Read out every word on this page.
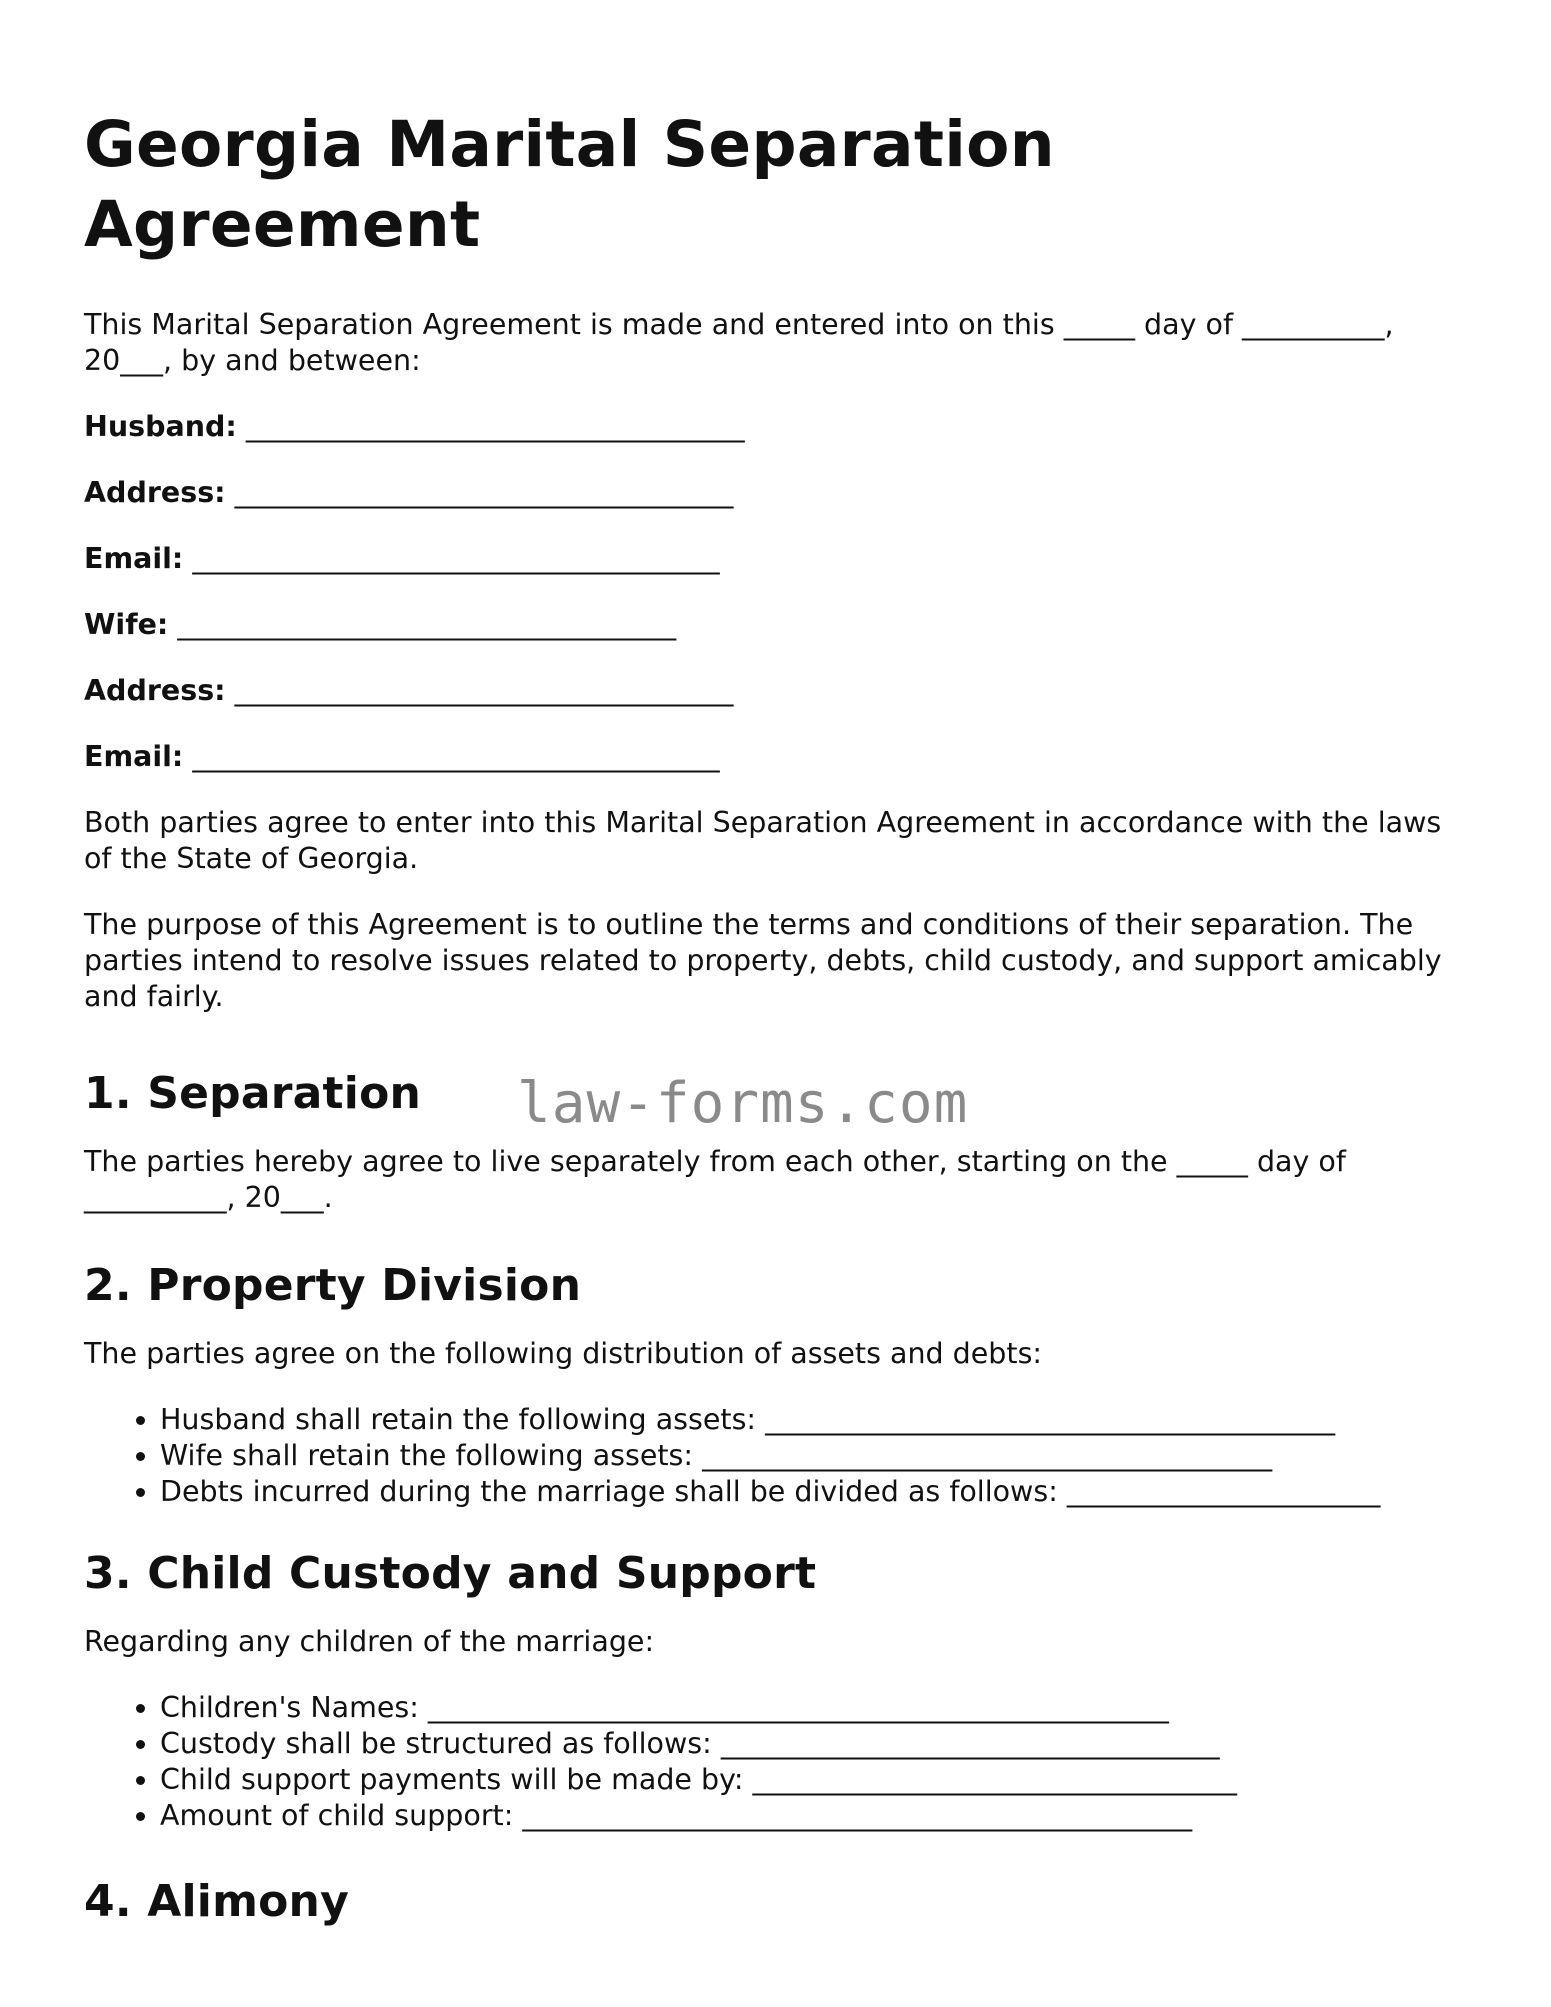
Georgia Marital Separation Agreement

This Marital Separation Agreement is made and entered into on this _____ day of __________, 20___, by and between:

Husband: ___________________________________
Address: ___________________________________
Email: _____________________________________
Wife: ___________________________________
Address: ___________________________________
Email: _____________________________________

Both parties agree to enter into this Marital Separation Agreement in accordance with the laws of the State of Georgia.

The purpose of this Agreement is to outline the terms and conditions of their separation. The parties intend to resolve issues related to property, debts, child custody, and support amicably and fairly.

1. Separation law-forms.com

The parties hereby agree to live separately from each other, starting on the _____ day of __________, 20___.

2. Property Division

The parties agree on the following distribution of assets and debts:

• Husband shall retain the following assets: ________________________________________
• Wife shall retain the following assets: ________________________________________
• Debts incurred during the marriage shall be divided as follows: ______________________
3. Child Custody and Support

Regarding any children of the marriage:

• Children's Names: ____________________________________________________
• Custody shall be structured as follows: ___________________________________
• Child support payments will be made by: __________________________________
• Amount of child support: _______________________________________________
4. Alimony
